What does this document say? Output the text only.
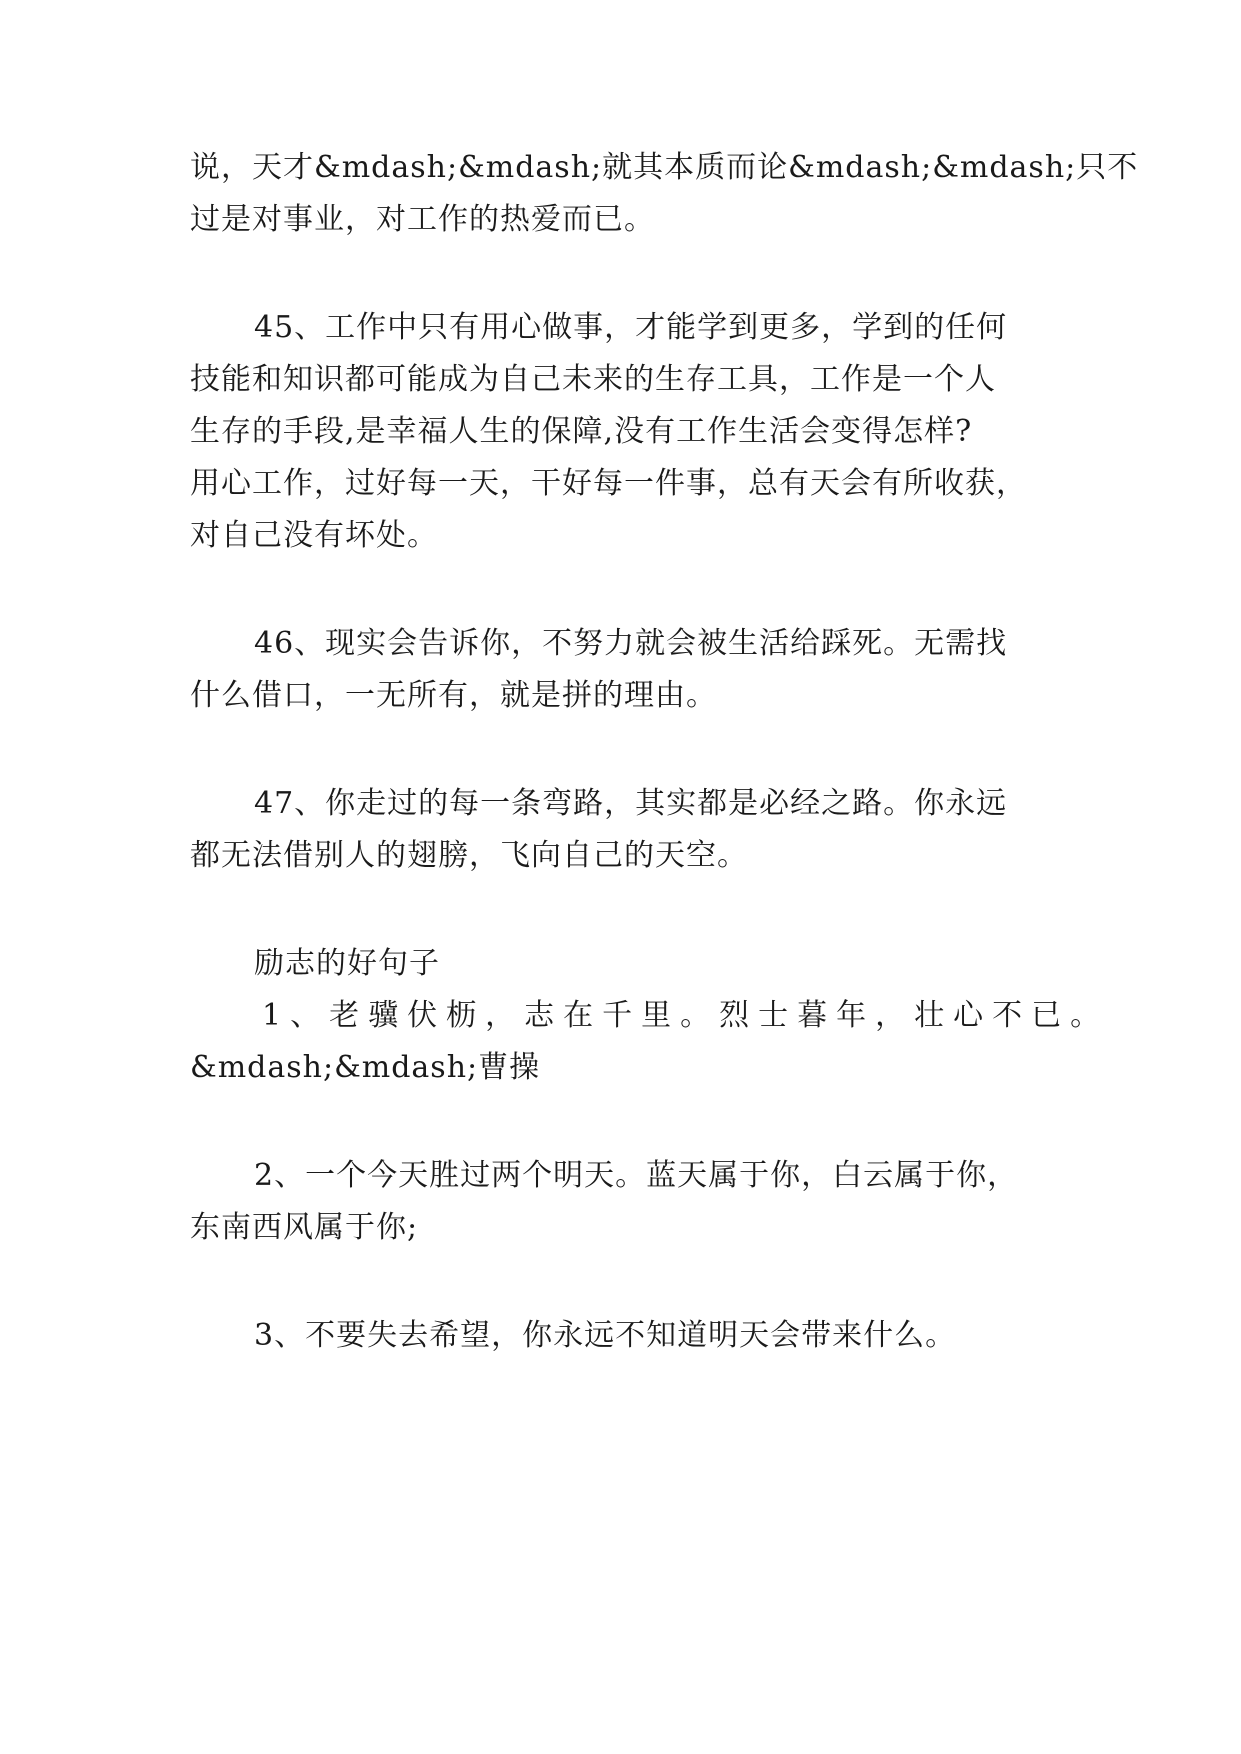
说，天才&mdash;&mdash;就其本质而论&mdash;&mdash;只不
过是对事业，对工作的热爱而已。
45、工作中只有用心做事，才能学到更多，学到的任何
技能和知识都可能成为自己未来的生存工具，工作是一个人
生存的手段,是幸福人生的保障,没有工作生活会变得怎样?
用心工作，过好每一天，干好每一件事，总有天会有所收获，
对自己没有坏处。
46、现实会告诉你，不努力就会被生活给踩死。无需找
什么借口，一无所有，就是拼的理由。
47、你走过的每一条弯路，其实都是必经之路。你永远
都无法借别人的翅膀，飞向自己的天空。
励志的好句子
1、老骥伏枥，志在千里。烈士暮年，壮心不已。
&mdash;&mdash;曹操
2、一个今天胜过两个明天。蓝天属于你，白云属于你，
东南西风属于你;
3、不要失去希望，你永远不知道明天会带来什么。
